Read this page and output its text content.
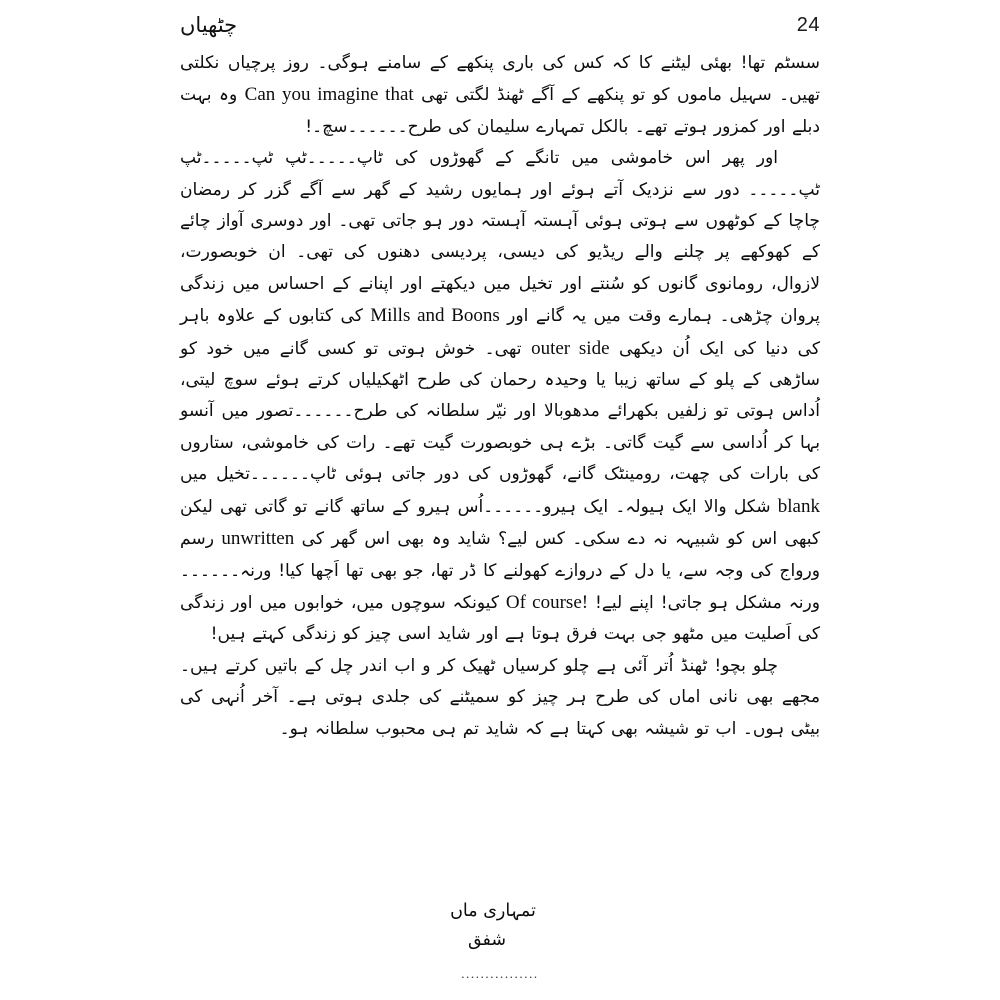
چٹھیاں	24

سسٹم تھا! بھئی لیٹنے کا کہ کس کی باری پنکھے کے سامنے ہوگی۔ روز پرچیاں نکلتی تھیں۔ سہیل ماموں کو تو پنکھے کے آگے ٹھنڈ لگتی تھی Can you imagine that وہ بہت دبلے اور کمزور ہوتے تھے۔ بالکل تمہارے سلیمان کی طرح۔۔۔۔۔۔سچ۔!

اور پھر اس خاموشی میں تانگے کے گھوڑوں کی ٹاپ۔۔۔۔۔ٹپ ٹپ۔۔۔۔۔ٹپ ٹپ۔۔۔۔۔ دور سے نزدیک آتے ہوئے اور ہمایوں رشید کے گھر سے آگے گزر کر رمضان چاچا کے کوٹھوں سے ہوتی ہوئی آہستہ آہستہ دور ہو جاتی تھی۔ اور دوسری آواز چائے کے کھوکھے پر چلنے والے ریڈیو کی دیسی، پردیسی دھنوں کی تھی۔ ان خوبصورت، لازوال، رومانوی گانوں کو سُنتے اور تخیل میں دیکھتے اور اپنانے کے احساس میں زندگی پروان چڑھی۔ ہمارے وقت میں یہ گانے اور Mills and Boons کی کتابوں کے علاوہ باہر کی دنیا کی ایک اُن دیکھی outer side تھی۔ خوش ہوتی تو کسی گانے میں خود کو ساڑھی کے پلو کے ساتھ زیبا یا وحیدہ رحمان کی طرح اٹھکیلیاں کرتے ہوئے سوچ لیتی، اُداس ہوتی تو زلفیں بکھرائے مدھوبالا اور نیّر سلطانہ کی طرح۔۔۔۔۔۔تصور میں آنسو بہا کر اُداسی سے گیت گاتی۔ بڑے ہی خوبصورت گیت تھے۔ رات کی خاموشی، ستاروں کی بارات کی چھت، رومینٹک گانے، گھوڑوں کی دور جاتی ہوئی ٹاپ۔۔۔۔۔۔تخیل میں blank شکل والا ایک ہیولہ۔ ایک ہیرو۔۔۔۔۔۔اُس ہیرو کے ساتھ گانے تو گاتی تھی لیکن کبھی اس کو شبیہہ نہ دے سکی۔ کس لیے؟ شاید وہ بھی اس گھر کی unwritten رسم ورواج کی وجہ سے، یا دل کے دروازے کھولنے کا ڈر تھا، جو بھی تھا اَچھا کیا! ورنہ۔۔۔۔۔۔ ورنہ مشکل ہو جاتی! اپنے لیے! Of course! کیونکہ سوچوں میں، خوابوں میں اور زندگی کی اَصلیت میں مٹھو جی بہت فرق ہوتا ہے اور شاید اسی چیز کو زندگی کہتے ہیں!

چلو بچو! ٹھنڈ اُتر آئی ہے چلو کرسیاں ٹھیک کر و اب اندر چل کے باتیں کرتے ہیں۔ مجھے بھی نانی اماں کی طرح ہر چیز کو سمیٹنے کی جلدی ہوتی ہے۔ آخر اُنہی کی بیٹی ہوں۔ اب تو شیشہ بھی کہتا ہے کہ شاید تم ہی محبوب سلطانہ ہو۔

تمہاری ماں
شفق
................
